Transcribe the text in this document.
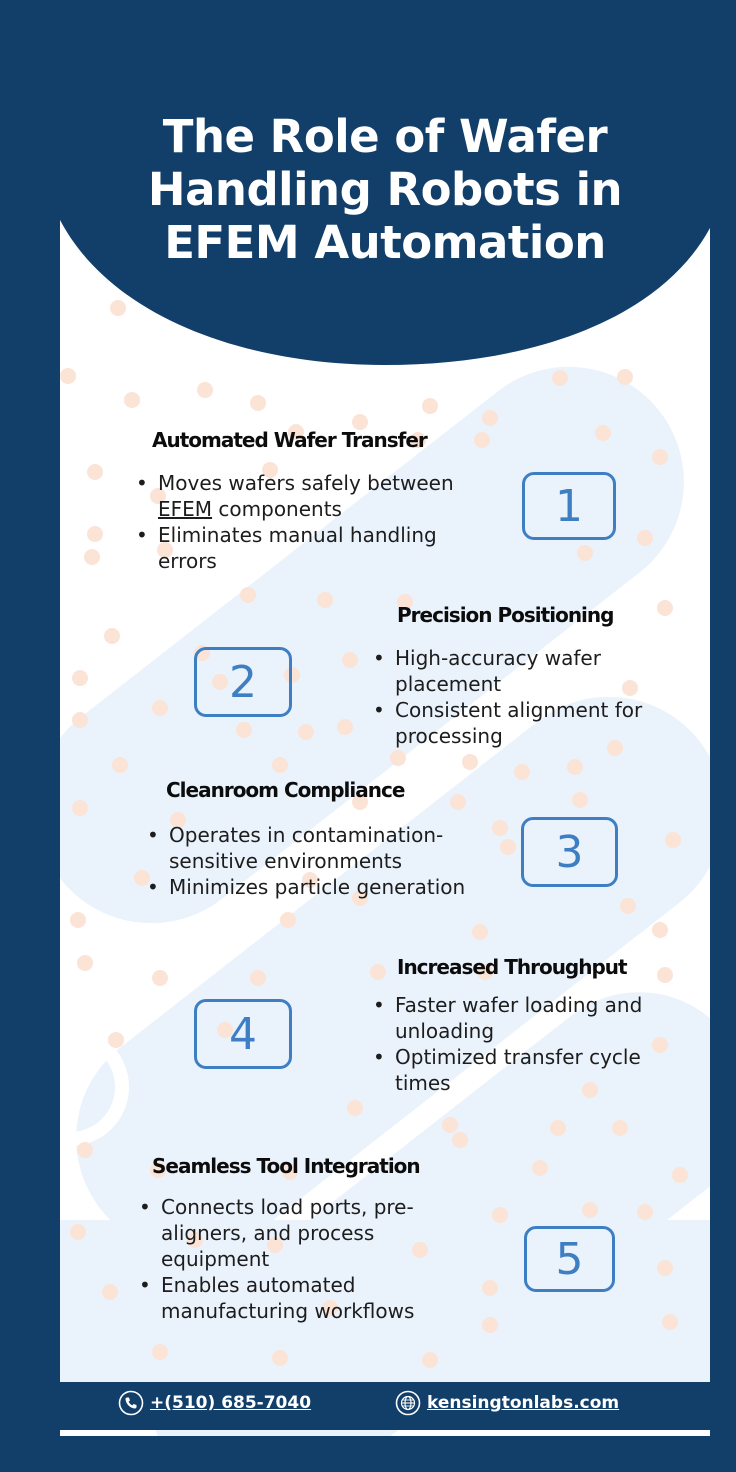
The Role of Wafer Handling Robots in EFEM Automation
Automated Wafer Transfer
• Moves wafers safely between EFEM components
• Eliminates manual handling errors
1
Precision Positioning
• High-accuracy wafer placement
• Consistent alignment for processing
2
Cleanroom Compliance
• Operates in contamination-sensitive environments
• Minimizes particle generation
3
Increased Throughput
• Faster wafer loading and unloading
• Optimized transfer cycle times
4
Seamless Tool Integration
• Connects load ports, pre-aligners, and process equipment
• Enables automated manufacturing workflows
5
+(510) 685-7040	kensingtonlabs.com
